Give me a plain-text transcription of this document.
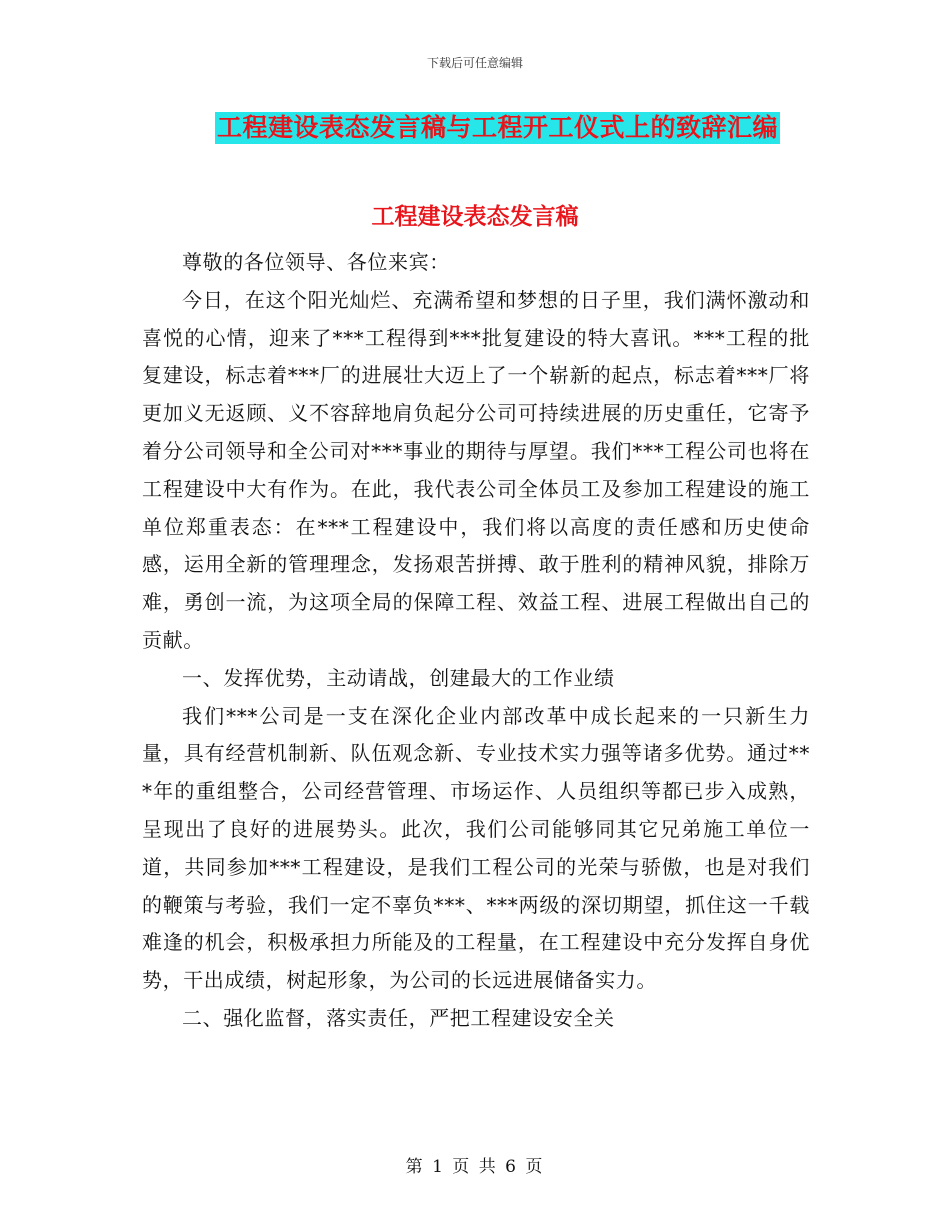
下载后可任意编辑
工程建设表态发言稿与工程开工仪式上的致辞汇编
工程建设表态发言稿

尊敬的各位领导、各位来宾：

今日，在这个阳光灿烂、充满希望和梦想的日子里，我们满怀激动和喜悦的心情，迎来了***工程得到***批复建设的特大喜讯。***工程的批复建设，标志着***厂的进展壮大迈上了一个崭新的起点，标志着***厂将更加义无返顾、义不容辞地肩负起分公司可持续进展的历史重任，它寄予着分公司领导和全公司对***事业的期待与厚望。我们***工程公司也将在工程建设中大有作为。在此，我代表公司全体员工及参加工程建设的施工单位郑重表态：在***工程建设中，我们将以高度的责任感和历史使命感，运用全新的管理理念，发扬艰苦拼搏、敢于胜利的精神风貌，排除万难，勇创一流，为这项全局的保障工程、效益工程、进展工程做出自己的贡献。

一、发挥优势，主动请战，创建最大的工作业绩

我们***公司是一支在深化企业内部改革中成长起来的一只新生力量，具有经营机制新、队伍观念新、专业技术实力强等诸多优势。通过***年的重组整合，公司经营管理、市场运作、人员组织等都已步入成熟，呈现出了良好的进展势头。此次，我们公司能够同其它兄弟施工单位一道，共同参加***工程建设，是我们工程公司的光荣与骄傲，也是对我们的鞭策与考验，我们一定不辜负***、***两级的深切期望，抓住这一千载难逢的机会，积极承担力所能及的工程量，在工程建设中充分发挥自身优势，干出成绩，树起形象，为公司的长远进展储备实力。

二、强化监督，落实责任，严把工程建设安全关

第 1 页 共 6 页
